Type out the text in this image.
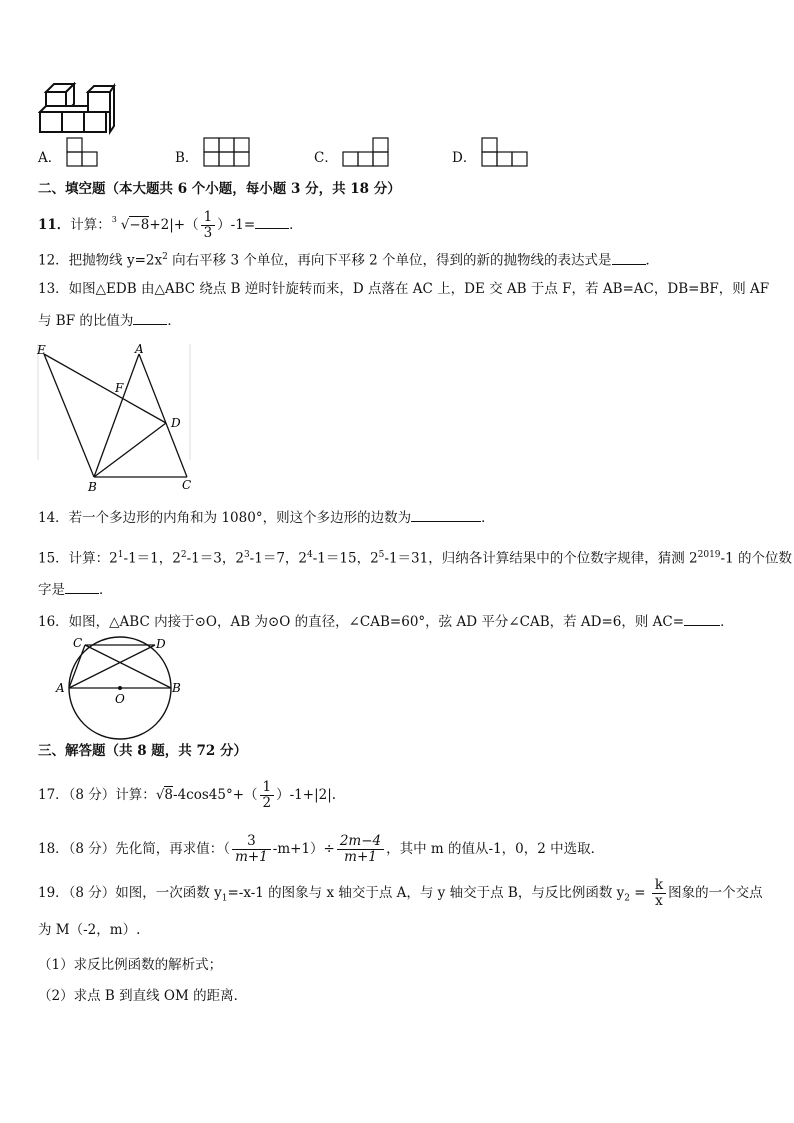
A．	B．	C．	D．
二、填空题（本大题共 6 个小题，每小题 3 分，共 18 分）
11．计算： 3 $√-8+2|+( \frac{1}{3} )-1=$	．
12．把抛物线 $y=2x^2$ 向右平移 3 个单位，再向下平移 2 个单位，得到的新的抛物线的表达式是	．
13．如图△EDB 由△ABC 绕点 B 逆时针旋转而来，D 点落在 AC 上，DE 交 AB 于点 F，若 AB=AC，DB=BF，则 AF
与 BF 的比值为	．
E	A
F
D
B	C
14．若一个多边形的内角和为 1080°，则这个多边形的边数为	．
15．计算：$2^1-1=1$，$2^2-1=3$，$2^3-1=7$，$2^4-1=15$，$2^5-1=31$，归纳各计算结果中的个位数字规律，猜测 $2^{2019}-1$ 的个位数
字是	．
16．如图，△ABC 内接于⊙O，AB 为⊙O 的直径，∠CAB=60°，弦 AD 平分∠CAB，若 AD=6，则 AC=	．
C	D
A
O
B
三、解答题（共 8 题，共 72 分）
17．（8 分）计算：$√8-4\cos 45^\circ+( \frac{1}{2} )-1+|2|$.
18．（8 分）先化简，再求值：（ $\frac{3}{m+1} -m+1)\div \frac{2m-4}{m+1}$ ，其中 m 的值从-1，0，2 中选取．
19．（8 分）如图，一次函数 $y_1=-x-1$ 的图象与 x 轴交于点 A，与 y 轴交于点 B，与反比例函数 $y_2 = \frac{k}{x}$ 图象的一个交点
为 M（-2，m）.
（1）求反比例函数的解析式；
（2）求点 B 到直线 OM 的距离．
